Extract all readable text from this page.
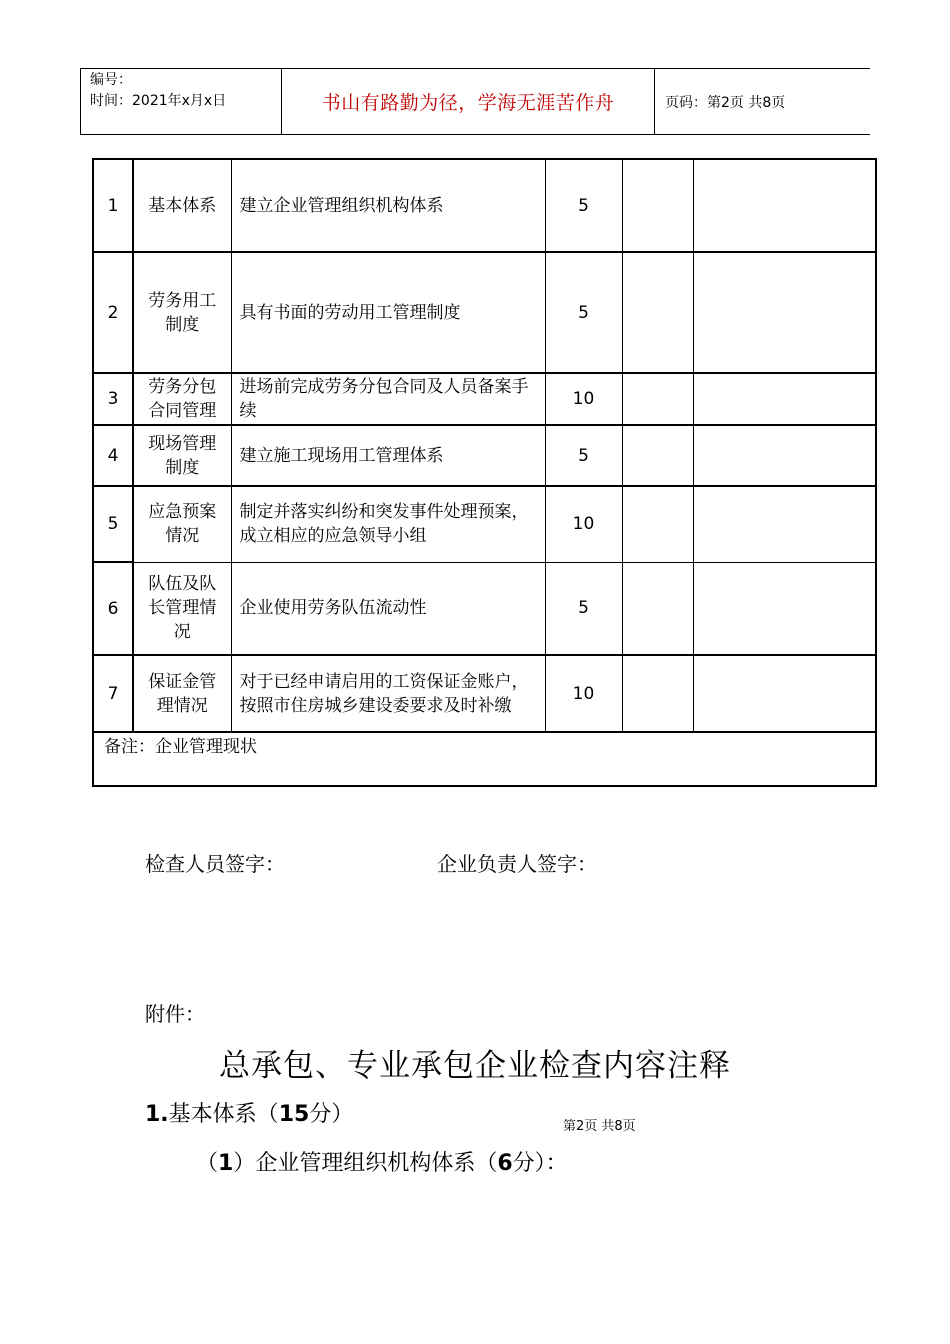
编号：
时间：2021年x月x日	书山有路勤为径，学海无涯苦作舟	页码：第2页 共8页
1	基本体系	建立企业管理组织机构体系	5		
2	劳务用工制度	具有书面的劳动用工管理制度	5		
3	劳务分包合同管理	进场前完成劳务分包合同及人员备案手续	10		
4	现场管理制度	建立施工现场用工管理体系	5		
5	应急预案情况	制定并落实纠纷和突发事件处理预案，成立相应的应急领导小组	10		
6	队伍及队长管理情况	企业使用劳务队伍流动性	5		
7	保证金管理情况	对于已经申请启用的工资保证金账户，按照市住房城乡建设委要求及时补缴	10		
备注：企业管理现状					
检查人员签字：	企业负责人签字：
附件：
总承包、专业承包企业检查内容注释
1.基本体系（15分）	第2页 共8页
（1）企业管理组织机构体系（6分）：
